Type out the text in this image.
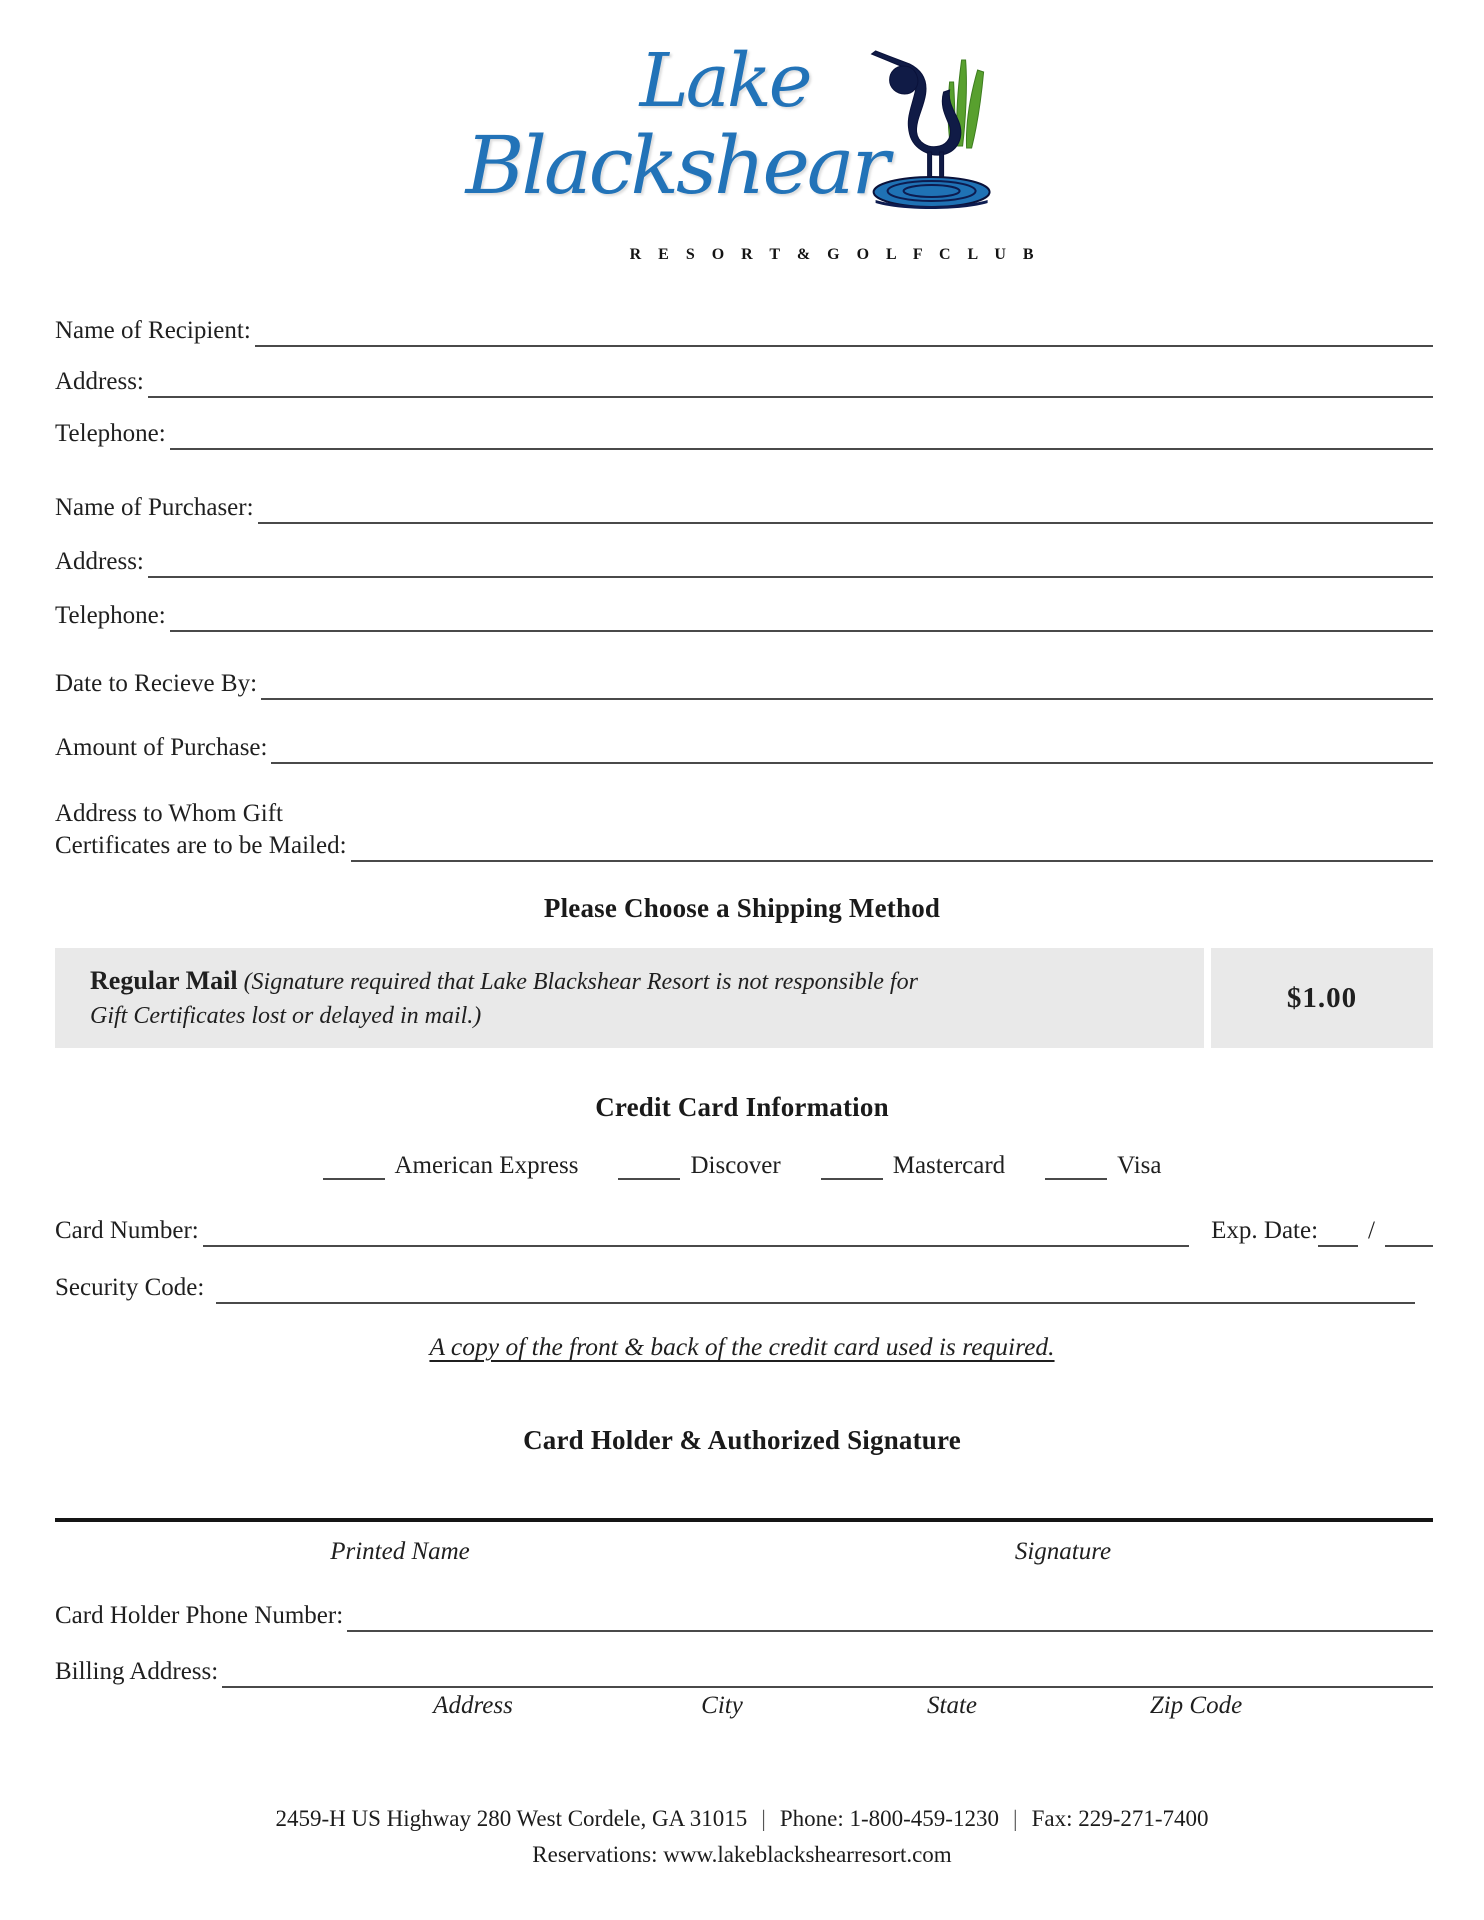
Lake
Blackshear
R E S O R T & G O L F C L U B
Name of Recipient:
Address:
Telephone:
Name of Purchaser:
Address:
Telephone:
Date to Recieve By:
Amount of Purchase:
Address to Whom Gift
Certificates are to be Mailed:
Please Choose a Shipping Method
Regular Mail (Signature required that Lake Blackshear Resort is not responsible for Gift Certificates lost or delayed in mail.)
$1.00
Credit Card Information
American Express	Discover	Mastercard	Visa
Card Number:	Exp. Date:	/
Security Code:
A copy of the front & back of the credit card used is required.
Card Holder & Authorized Signature
Printed Name	Signature
Card Holder Phone Number:
Billing Address:
Address	City	State	Zip Code
2459-H US Highway 280 West Cordele, GA 31015 | Phone: 1-800-459-1230 | Fax: 229-271-7400
Reservations: www.lakeblackshearresort.com
